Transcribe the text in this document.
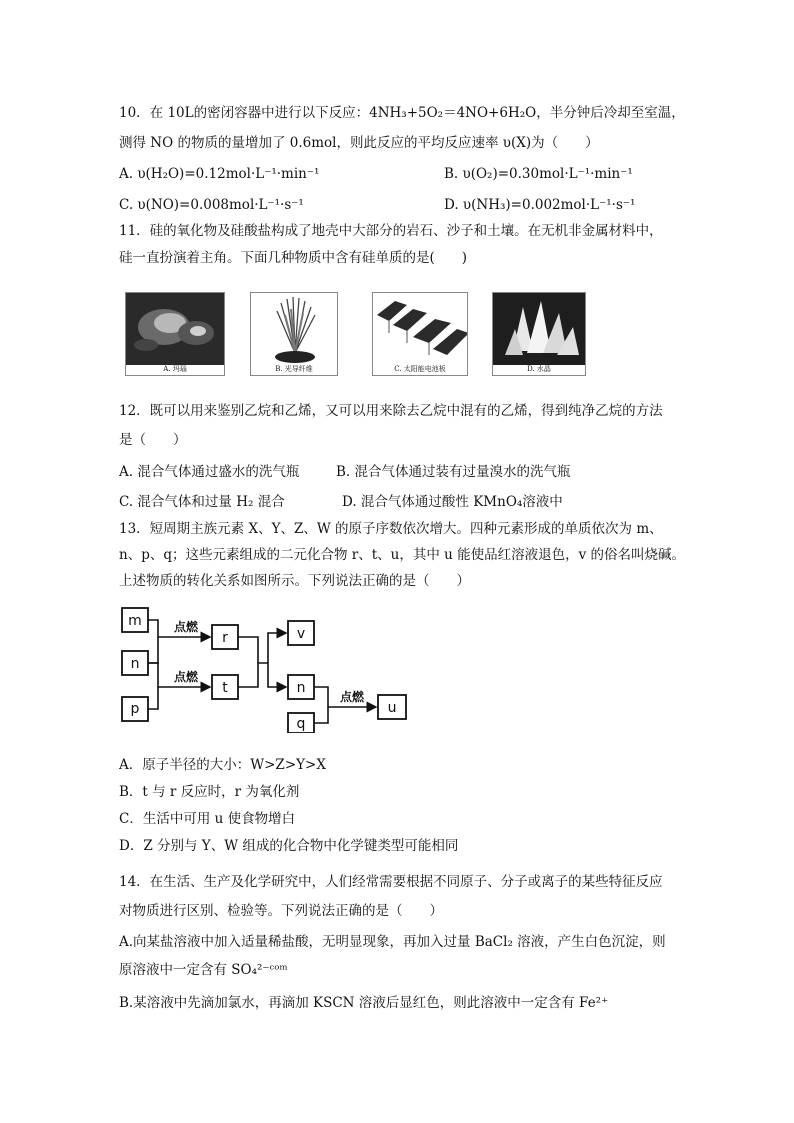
10．在 10L的密闭容器中进行以下反应：4NH₃+5O₂＝4NO+6H₂O，半分钟后冷却至室温，
测得 NO 的物质的量增加了 0.6mol，则此反应的平均反应速率 υ(X)为（　　）
A. υ(H₂O)=0.12mol·L⁻¹·min⁻¹	B. υ(O₂)=0.30mol·L⁻¹·min⁻¹
C. υ(NO)=0.008mol·L⁻¹·s⁻¹	D. υ(NH₃)=0.002mol·L⁻¹·s⁻¹
11．硅的氧化物及硅酸盐构成了地壳中大部分的岩石、沙子和土壤。在无机非金属材料中，
硅一直扮演着主角。下面几种物质中含有硅单质的是(　　)
A. 玛瑙	B. 光导纤维	C. 太阳能电池板	D. 水晶
12．既可以用来鉴别乙烷和乙烯，又可以用来除去乙烷中混有的乙烯，得到纯净乙烷的方法
是（　　）
A. 混合气体通过盛水的洗气瓶	B. 混合气体通过装有过量溴水的洗气瓶
C. 混合气体和过量 H₂ 混合	D. 混合气体通过酸性 KMnO₄溶液中
13．短周期主族元素 X、Y、Z、W 的原子序数依次增大。四种元素形成的单质依次为 m、
n、p、q；这些元素组成的二元化合物 r、t、u，其中 u 能使品红溶液退色，v 的俗名叫烧碱。
上述物质的转化关系如图所示。下列说法正确的是（　　）
m
n
p
r
t
v
n
q
u
点燃
点燃
点燃
A．原子半径的大小：W>Z>Y>X
B．t 与 r 反应时，r 为氧化剂
C．生活中可用 u 使食物增白
D．Z 分别与 Y、W 组成的化合物中化学键类型可能相同
14．在生活、生产及化学研究中，人们经常需要根据不同原子、分子或离子的某些特征反应
对物质进行区别、检验等。下列说法正确的是（　　）
A.向某盐溶液中加入适量稀盐酸，无明显现象，再加入过量 BaCl₂ 溶液，产生白色沉淀，则
原溶液中一定含有 SO₄²⁻ᶜᵒᵐ
B.某溶液中先滴加氯水，再滴加 KSCN 溶液后显红色，则此溶液中一定含有 Fe²⁺
